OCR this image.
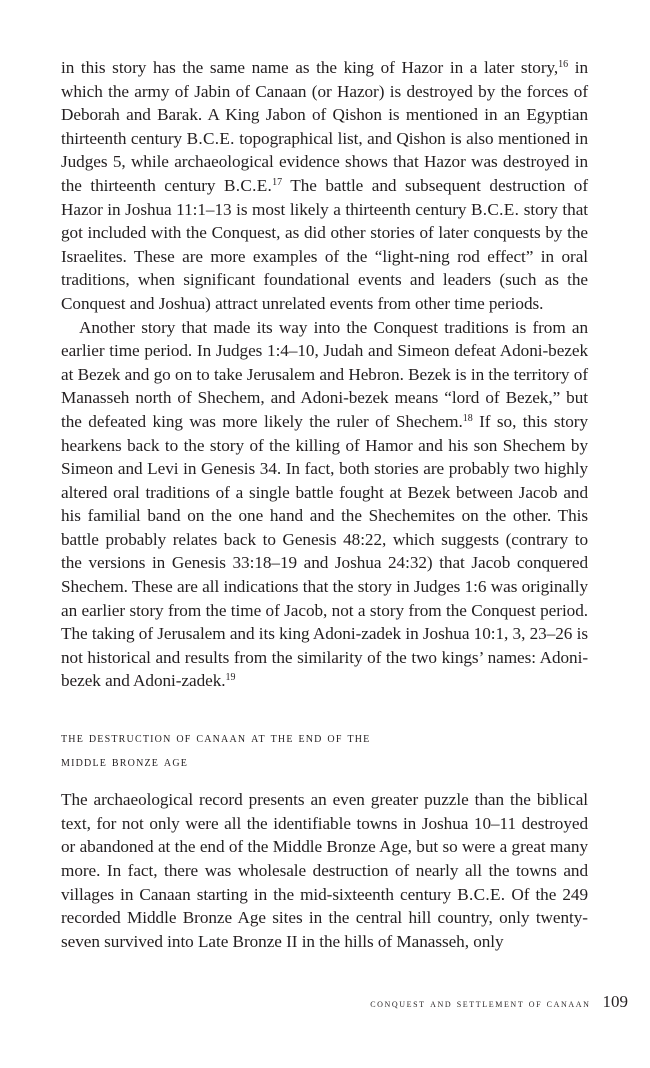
in this story has the same name as the king of Hazor in a later story,$^{16}$ in which the army of Jabin of Canaan (or Hazor) is destroyed by the forces of Deborah and Barak. A King Jabon of Qishon is mentioned in an Egyptian thirteenth century B.C.E. topographical list, and Qishon is also mentioned in Judges 5, while archaeological evidence shows that Hazor was destroyed in the thirteenth century B.C.E.$^{17}$ The battle and subsequent destruction of Hazor in Joshua 11:1–13 is most likely a thirteenth century B.C.E. story that got included with the Conquest, as did other stories of later conquests by the Israelites. These are more examples of the “light-ning rod effect” in oral traditions, when significant foundational events and leaders (such as the Conquest and Joshua) attract unrelated events from other time periods.

Another story that made its way into the Conquest traditions is from an earlier time period. In Judges 1:4–10, Judah and Simeon defeat Adoni-bezek at Bezek and go on to take Jerusalem and Hebron. Bezek is in the territory of Manasseh north of Shechem, and Adoni-bezek means “lord of Bezek,” but the defeated king was more likely the ruler of Shechem.$^{18}$ If so, this story hearkens back to the story of the killing of Hamor and his son Shechem by Simeon and Levi in Genesis 34. In fact, both stories are probably two highly altered oral traditions of a single battle fought at Bezek between Jacob and his familial band on the one hand and the Shechemites on the other. This battle probably relates back to Genesis 48:22, which suggests (contrary to the versions in Genesis 33:18–19 and Joshua 24:32) that Jacob conquered Shechem. These are all indications that the story in Judges 1:6 was originally an earlier story from the time of Jacob, not a story from the Conquest period. The taking of Jerusalem and its king Adoni-zadek in Joshua 10:1, 3, 23–26 is not historical and results from the similarity of the two kings’ names: Adoni-bezek and Adoni-zadek.$^{19}$

the destruction of canaan at the end of the
middle bronze age

The archaeological record presents an even greater puzzle than the biblical text, for not only were all the identifiable towns in Joshua 10–11 destroyed or abandoned at the end of the Middle Bronze Age, but so were a great many more. In fact, there was wholesale destruction of nearly all the towns and villages in Canaan starting in the mid-sixteenth century B.C.E. Of the 249 recorded Middle Bronze Age sites in the central hill country, only twenty-seven survived into Late Bronze II in the hills of Manasseh, only

conquest and settlement of canaan 109
